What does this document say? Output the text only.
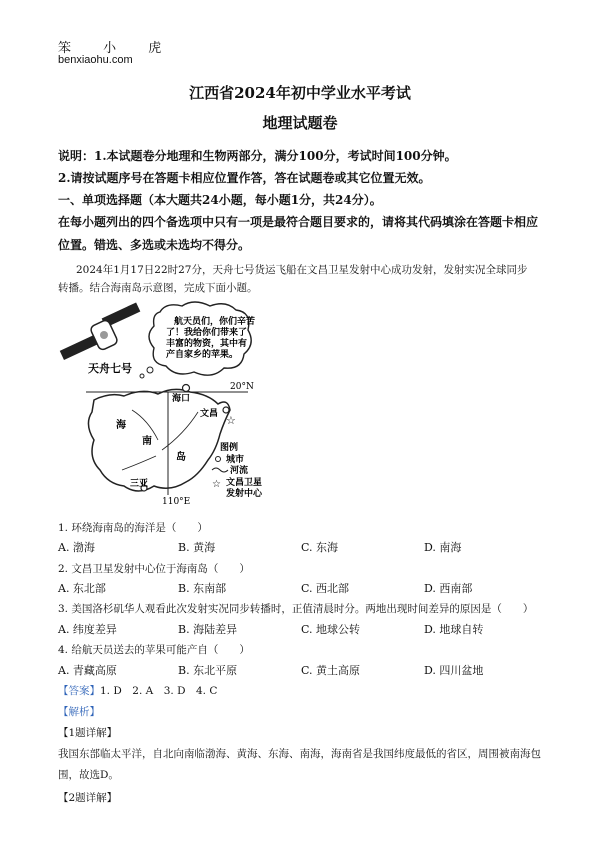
笨 小 虎
benxiaohu.com
江西省2024年初中学业水平考试
地理试题卷
说明：1.本试题卷分地理和生物两部分，满分100分，考试时间100分钟。
2.请按试题序号在答题卡相应位置作答，答在试题卷或其它位置无效。
一、单项选择题（本大题共24小题，每小题1分，共24分）。
在每小题列出的四个备选项中只有一项是最符合题目要求的，请将其代码填涂在答题卡相应
位置。错选、多选或未选均不得分。
2024年1月17日22时27分，天舟七号货运飞船在文昌卫星发射中心成功发射，发射实况全球同步
转播。结合海南岛示意图，完成下面小题。
航天员们，你们辛苦
了！我给你们带来了
丰富的物资，其中有
产自家乡的苹果。
天舟七号
20°N
110°E
海口
文昌
三亚
☆
海
南
岛
图例
城市
河流
☆ 文昌卫星
发射中心
1. 环绕海南岛的海洋是（　　）
A. 渤海	B. 黄海	C. 东海	D. 南海
2. 文昌卫星发射中心位于海南岛（　　）
A. 东北部	B. 东南部	C. 西北部	D. 西南部
3. 美国洛杉矶华人观看此次发射实况同步转播时，正值清晨时分。两地出现时间差异的原因是（　　）
A. 纬度差异	B. 海陆差异	C. 地球公转	D. 地球自转
4. 给航天员送去的苹果可能产自（　　）
A. 青藏高原	B. 东北平原	C. 黄土高原	D. 四川盆地
【答案】1. D　2. A　3. D　4. C
【解析】
【1题详解】
我国东部临太平洋，自北向南临渤海、黄海、东海、南海，海南省是我国纬度最低的省区，周围被南海包
围，故选D。
【2题详解】
